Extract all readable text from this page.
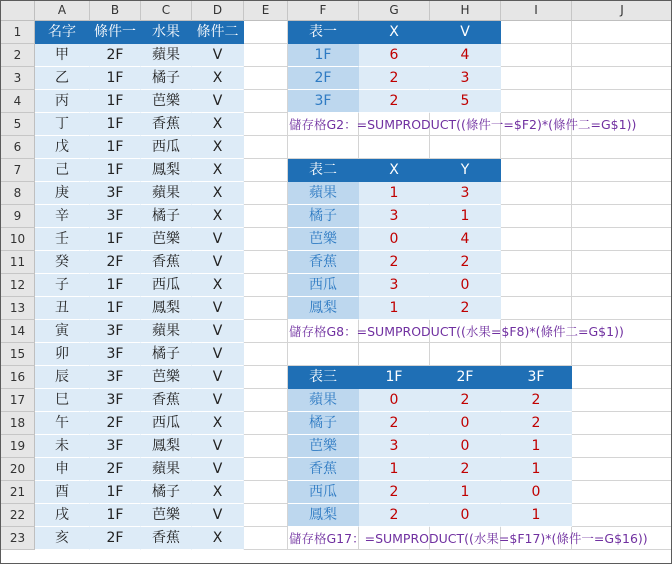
A	B	C	D	E	F	G	H	I	J
1
2
3
4
5
6
7
8
9
10
11
12
13
14
15
16
17
18
19
20
21
22
23
名字	條件一	水果	條件二	表一	X	V
甲	2F	蘋果	V	1F	6	4
乙	1F	橘子	X	2F	2	3
丙	1F	芭樂	V	3F	2	5
丁	1F	香蕉	X
戊	1F	西瓜	X
己	1F	鳳梨	X	表二	X	Y
庚	3F	蘋果	X	蘋果	1	3
辛	3F	橘子	X	橘子	3	1
壬	1F	芭樂	V	芭樂	0	4
癸	2F	香蕉	V	香蕉	2	2
子	1F	西瓜	X	西瓜	3	0
丑	1F	鳳梨	V	鳳梨	1	2
寅	3F	蘋果	V
卯	3F	橘子	V
辰	3F	芭樂	V	表三	1F	2F	3F
巳	3F	香蕉	V	蘋果	0	2	2
午	2F	西瓜	X	橘子	2	0	2
未	3F	鳳梨	V	芭樂	3	0	1
申	2F	蘋果	V	香蕉	1	2	1
酉	1F	橘子	X	西瓜	2	1	0
戌	1F	芭樂	V	鳳梨	2	0	1
亥	2F	香蕉	X
儲存格G2：=SUMPRODUCT((條件一=$F2)*(條件二=G$1))
儲存格G8：=SUMPRODUCT((水果=$F8)*(條件二=G$1))
儲存格G17：=SUMPRODUCT((水果=$F17)*(條件一=G$16))
